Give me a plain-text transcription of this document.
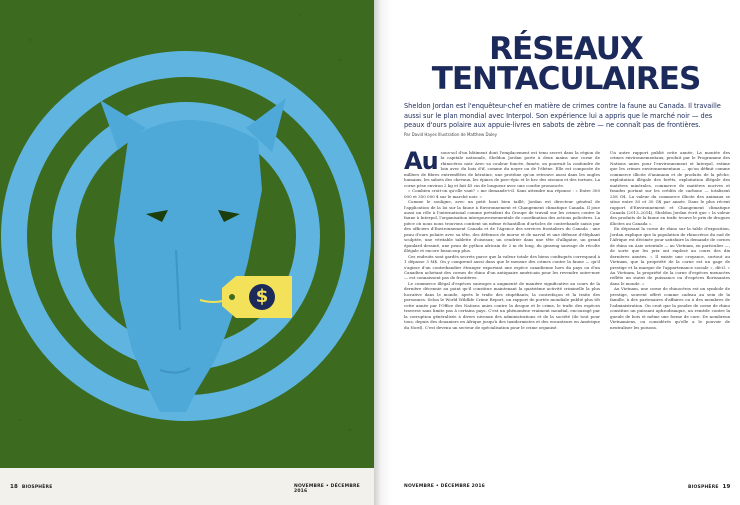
$
18 BIOSPHÈRE	NOVEMBRE • DÉCEMBRE 2016
RÉSEAUX
TENTACULAIRES
Sheldon Jordan est l'enquêteur-chef en matière de crimes contre la faune au Canada. Il travaille aussi sur le plan mondial avec Interpol. Son expérience lui a appris que le marché noir — des peaux d'ours polaire aux appuie-livres en sabots de zèbre — ne connaît pas de frontières.
Par David Hayes Illustration de Matthew Daley
Au sous-sol d'un bâtiment dont l'emplacement est tenu secret dans la région de la capitale nationale, Sheldon Jordan porte à deux mains une corne de rhinocéros noir. Avec sa couleur foncée, fumée, on pourrait la confondre de loin avec du bois d'if, comme du noyer ou de l'ébène. Elle est composée de milliers de fibres entremêlées de kératine, une protéine qu'on retrouve aussi dans les ongles humains, les sabots des chevaux, les épines de porc-épic et le bec des oiseaux et des tortues. La corne pèse environ 2 kg et fait 45 cm de longueur avec une courbe prononcée.

« Combien croit-on qu'elle vaut? » me demande-t-il. Sans attendre ma réponse : « Entre 300 000 et 350 000 $ sur le marché noir. »

Comme le souligne, avec un petit bout bien taillé, Jordan est directeur général de l'application de la loi sur la faune à Environnement et Changement climatique Canada. Il joue aussi un rôle à l'international comme président du Groupe de travail sur les crimes contre la faune à Interpol, l'organisation intergouvernementale de coordination des actions policières. La pièce où nous nous trouvons contient un même échantillon d'articles de contrebande saisis par des officiers d'Environnement Canada et de l'Agence des services frontaliers du Canada : une peau d'ours polaire avec sa tête, des défenses de morse et de narval et une défense d'éléphant sculptée, une véritable tablette d'oiseaux; un cendrier dans une tête d'alligator, un grand épaulard dessiné, une peau de python africain de 2 m de long, du ginseng sauvage de récolte illégale et encore beaucoup plus.

Ces endroits sont gardés secrets parce que la valeur totale des biens confisqués correspond à 1 dépasse 3 M$. On y comprend aussi dans que le mensue des crimes contre la faune — qu'il s'agisse d'un contrebandier étranger exportant une espèce canadienne hors du pays ou d'un Canadien achetant des cornes de rhino d'un antiquaire américain pour les revendre outre-mer — est connaissent pas de frontières.

Le commerce illégal d'espèces sauvages a augmenté de manière significative au cours de la dernière décennie au point qu'il constitue maintenant la quatrième activité criminelle la plus lucrative dans le monde, après le trafic des stupéfiants, la contrefaçon et la traite des personnes. Selon le World Wildlife Crime Report, un rapport de portée mondiale publié plus tôt cette année par l'Office des Nations unies contre la drogue et le crime, le trafic des espèces traverse sans limite pas à certains pays. C'est un phénomène vraiment mondial, encouragé par la corruption généralisée à divers niveaux des administrations et de la société (de tout pour tous, depuis des douaniers en Afrique jusqu'à des taxidermistes et des encanteurs en Amérique du Nord). C'est devenu un secteur de spécialisation pour le crime organisé.

Un autre rapport publié cette année, La montée des crimes environnementaux, produit par le Programme des Nations unies pour l'environnement et Interpol, estime que les crimes environnementaux — qu'on définit comme commerce illicite d'animaux et de produits de la pêche, exploitation illégale des forêts, exploitation illégale des matières minérales, commerce de matières nocives et fraudes portant sur les crédits de carbone — totalisent 258 G$. La valeur du commerce illicite des animaux se situe entre 30 et 30 G$ par année. Dans le plus récent rapport d'Environnement et Changement climatique Canada (2013–2014), Sheldon Jordan écrit que « la valeur des produits de la faune en trafic trouve le prix de drogues illicites au Canada ».

En déposant la corne de rhino sur la table d'exposition, Jordan explique que la population de rhinocéros du sud de l'Afrique est décimée pour satisfaire la demande de cornes de rhino en Asie orientale — au Vietnam, en particulier —, de sorte que les prix ont explosé au cours des dix dernières années. « Il existe une croyance, surtout au Vietnam, que la propriété de la corne est un gage de prestige et la marque de l'appartenance sociale », dit-il. « Au Vietnam, la propriété de la corne d'espèces menacées reflète un statut de puissance ou d'espèces florissantes dans le monde. »

Au Vietnam, une corne de rhinocéros est un symbole de prestige, souvent offert comme cadeau au sein de la famille, à des partenaires d'affaires ou à des membres de l'administration. On croit que la poudre de corne de rhino constitue un puissant aphrodisiaque, un remède contre la gueule de bois et même une forme de cure. De nombreux Vietnamiens, ou considérés qu'elle a le pouvoir de neutraliser les poisons.

NOVEMBRE • DÉCEMBRE 2016	BIOSPHÈRE 19
